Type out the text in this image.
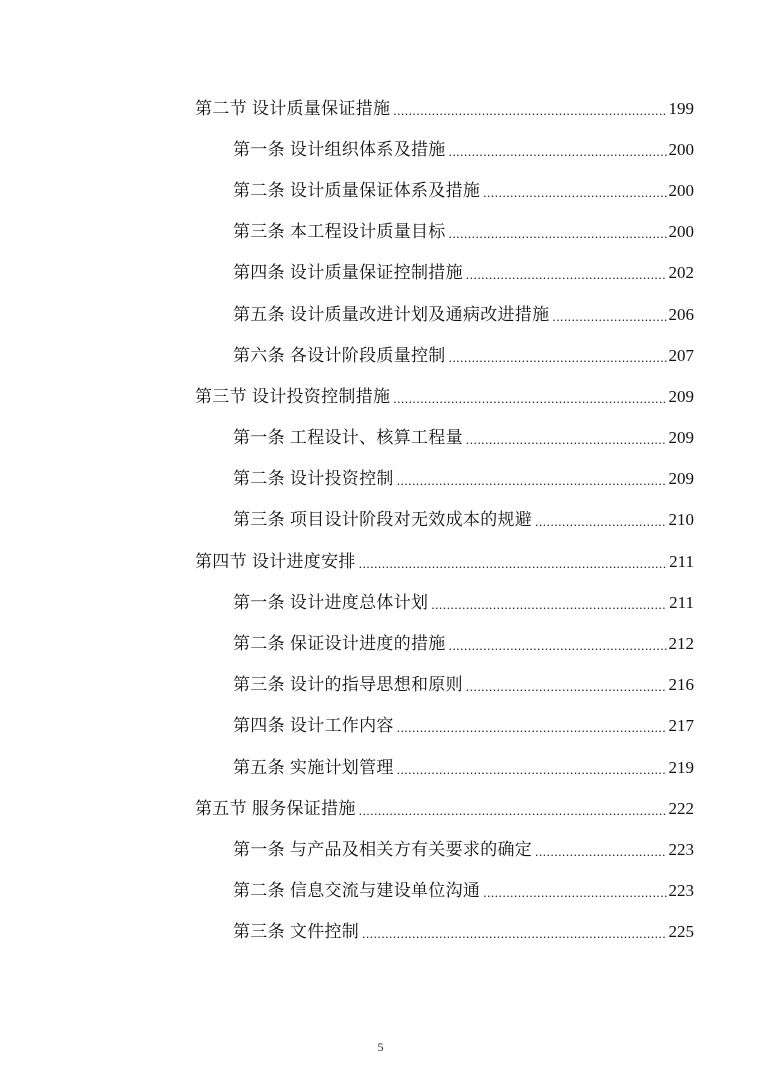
第二节 设计质量保证措施 .....	199
第一条 设计组织体系及措施 .....	200
第二条 设计质量保证体系及措施 .....	200
第三条 本工程设计质量目标 .....	200
第四条 设计质量保证控制措施 .....	202
第五条 设计质量改进计划及通病改进措施 .....	206
第六条 各设计阶段质量控制 .....	207
第三节 设计投资控制措施 .....	209
第一条 工程设计、核算工程量 .....	209
第二条 设计投资控制 .....	209
第三条 项目设计阶段对无效成本的规避 .....	210
第四节 设计进度安排 .....	211
第一条 设计进度总体计划 .....	211
第二条 保证设计进度的措施 .....	212
第三条 设计的指导思想和原则 .....	216
第四条 设计工作内容 .....	217
第五条 实施计划管理 .....	219
第五节 服务保证措施 .....	222
第一条 与产品及相关方有关要求的确定 .....	223
第二条 信息交流与建设单位沟通 .....	223
第三条 文件控制 .....	225
5
